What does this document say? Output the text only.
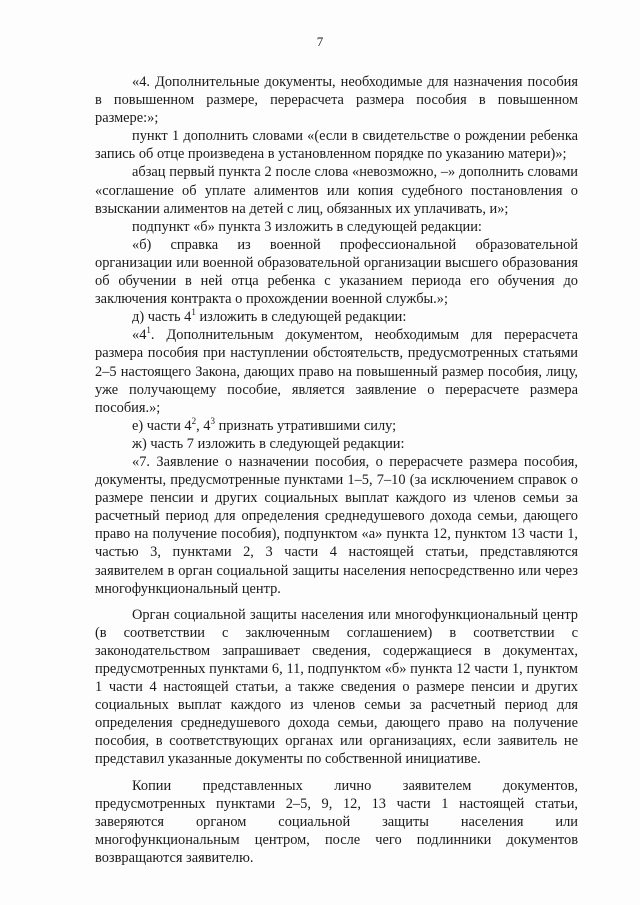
7

«4. Дополнительные документы, необходимые для назначения пособия в повышенном размере, перерасчета размера пособия в повышенном размере:»;

пункт 1 дополнить словами «(если в свидетельстве о рождении ребенка запись об отце произведена в установленном порядке по указанию матери)»;

абзац первый пункта 2 после слова «невозможно, –» дополнить словами «соглашение об уплате алиментов или копия судебного постановления о взыскании алиментов на детей с лиц, обязанных их уплачивать, и»;

подпункт «б» пункта 3 изложить в следующей редакции:

«б) справка из военной профессиональной образовательной организации или военной образовательной организации высшего образования об обучении в ней отца ребенка с указанием периода его обучения до заключения контракта о прохождении военной службы.»;

д) часть $4^1$ изложить в следующей редакции:

«$4^1$. Дополнительным документом, необходимым для перерасчета размера пособия при наступлении обстоятельств, предусмотренных статьями 2–5 настоящего Закона, дающих право на повышенный размер пособия, лицу, уже получающему пособие, является заявление о перерасчете размера пособия.»;

е) части $4^2$, $4^3$ признать утратившими силу;

ж) часть 7 изложить в следующей редакции:

«7. Заявление о назначении пособия, о перерасчете размера пособия, документы, предусмотренные пунктами 1–5, 7–10 (за исключением справок о размере пенсии и других социальных выплат каждого из членов семьи за расчетный период для определения среднедушевого дохода семьи, дающего право на получение пособия), подпунктом «а» пункта 12, пунктом 13 части 1, частью 3, пунктами 2, 3 части 4 настоящей статьи, представляются заявителем в орган социальной защиты населения непосредственно или через многофункциональный центр.

Орган социальной защиты населения или многофункциональный центр (в соответствии с заключенным соглашением) в соответствии с законодательством запрашивает сведения, содержащиеся в документах, предусмотренных пунктами 6, 11, подпунктом «б» пункта 12 части 1, пунктом 1 части 4 настоящей статьи, а также сведения о размере пенсии и других социальных выплат каждого из членов семьи за расчетный период для определения среднедушевого дохода семьи, дающего право на получение пособия, в соответствующих органах или организациях, если заявитель не представил указанные документы по собственной инициативе.

Копии представленных лично заявителем документов, предусмотренных пунктами 2–5, 9, 12, 13 части 1 настоящей статьи, заверяются органом социальной защиты населения или многофункциональным центром, после чего подлинники документов возвращаются заявителю.
